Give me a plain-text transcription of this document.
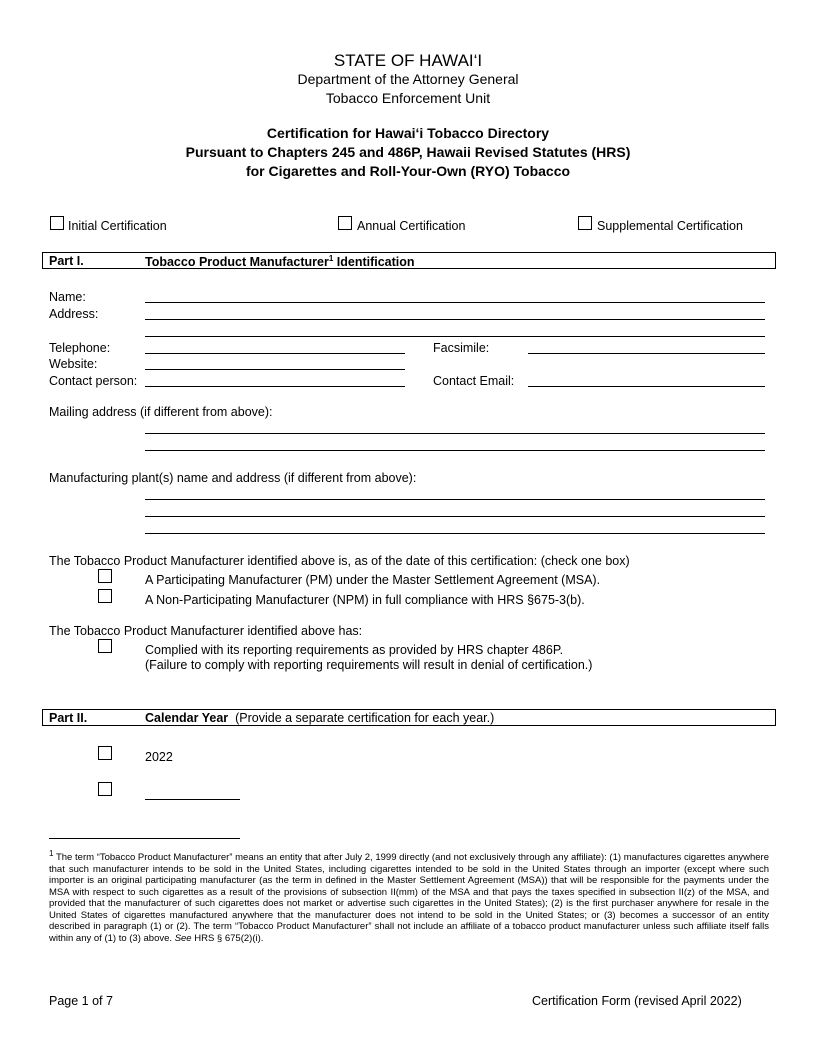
STATE OF HAWAI‘I
Department of the Attorney General
Tobacco Enforcement Unit
Certification for Hawai‘i Tobacco Directory
Pursuant to Chapters 245 and 486P, Hawaii Revised Statutes (HRS)
for Cigarettes and Roll-Your-Own (RYO) Tobacco
Initial Certification	Annual Certification	Supplemental Certification
Part I.	Tobacco Product Manufacturer$^1$ Identification
Name:
Address:
Telephone:	Facsimile:
Website:
Contact person:	Contact Email:
Mailing address (if different from above):
Manufacturing plant(s) name and address (if different from above):
The Tobacco Product Manufacturer identified above is, as of the date of this certification: (check one box)
A Participating Manufacturer (PM) under the Master Settlement Agreement (MSA).
A Non-Participating Manufacturer (NPM) in full compliance with HRS §675-3(b).
The Tobacco Product Manufacturer identified above has:
Complied with its reporting requirements as provided by HRS chapter 486P.
(Failure to comply with reporting requirements will result in denial of certification.)
Part II.	Calendar Year (Provide a separate certification for each year.)
2022
$^1$ The term “Tobacco Product Manufacturer” means an entity that after July 2, 1999 directly (and not exclusively through any affiliate): (1) manufactures cigarettes anywhere that such manufacturer intends to be sold in the United States, including cigarettes intended to be sold in the United States through an importer (except where such importer is an original participating manufacturer (as the term in defined in the Master Settlement Agreement (MSA)) that will be responsible for the payments under the MSA with respect to such cigarettes as a result of the provisions of subsection II(mm) of the MSA and that pays the taxes specified in subsection II(z) of the MSA, and provided that the manufacturer of such cigarettes does not market or advertise such cigarettes in the United States); (2) is the first purchaser anywhere for resale in the United States of cigarettes manufactured anywhere that the manufacturer does not intend to be sold in the United States; or (3) becomes a successor of an entity described in paragraph (1) or (2). The term “Tobacco Product Manufacturer” shall not include an affiliate of a tobacco product manufacturer unless such affiliate itself falls within any of (1) to (3) above. See HRS § 675(2)(i).
Page 1 of 7	Certification Form (revised April 2022)
